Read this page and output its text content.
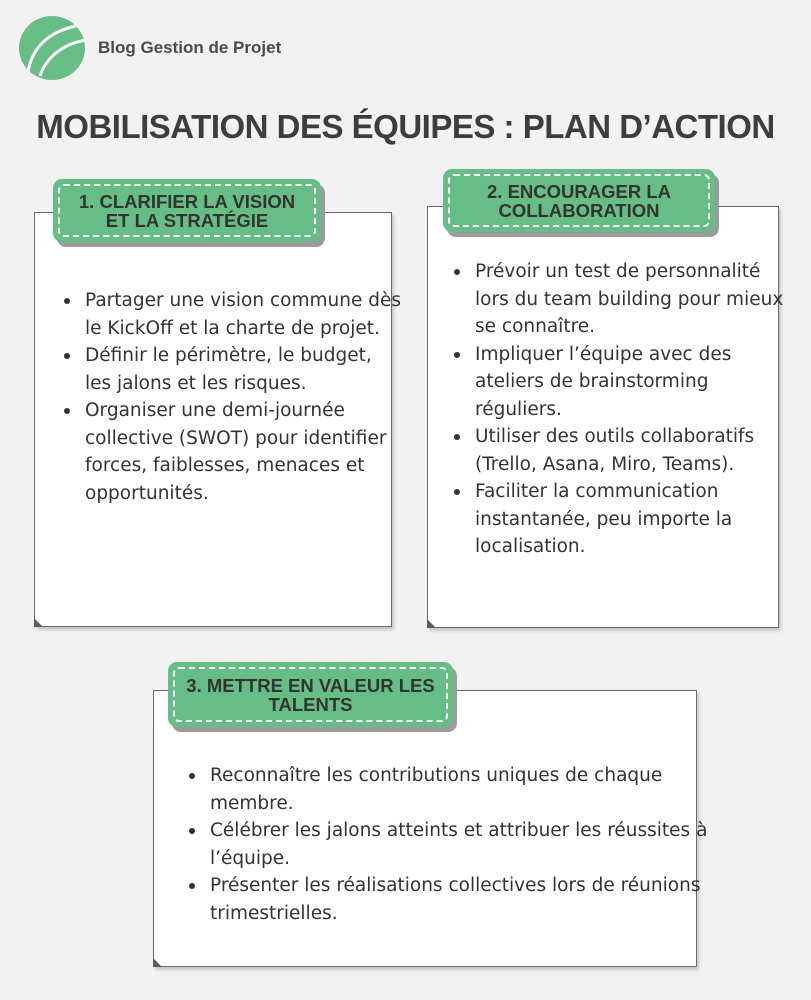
Blog Gestion de Projet
MOBILISATION DES ÉQUIPES : PLAN D’ACTION
Partager une vision commune dès le KickOff et la charte de projet.
Définir le périmètre, le budget, les jalons et les risques.
Organiser une demi-journée collective (SWOT) pour identifier forces, faiblesses, menaces et opportunités.
1. CLARIFIER LA VISION ET LA STRATÉGIE
Prévoir un test de personnalité lors du team building pour mieux se connaître.
Impliquer l’équipe avec des ateliers de brainstorming réguliers.
Utiliser des outils collaboratifs (Trello, Asana, Miro, Teams).
Faciliter la communication instantanée, peu importe la localisation.
2. ENCOURAGER LA COLLABORATION
Reconnaître les contributions uniques de chaque membre.
Célébrer les jalons atteints et attribuer les réussites à l’équipe.
Présenter les réalisations collectives lors de réunions trimestrielles.
3. METTRE EN VALEUR LES TALENTS
